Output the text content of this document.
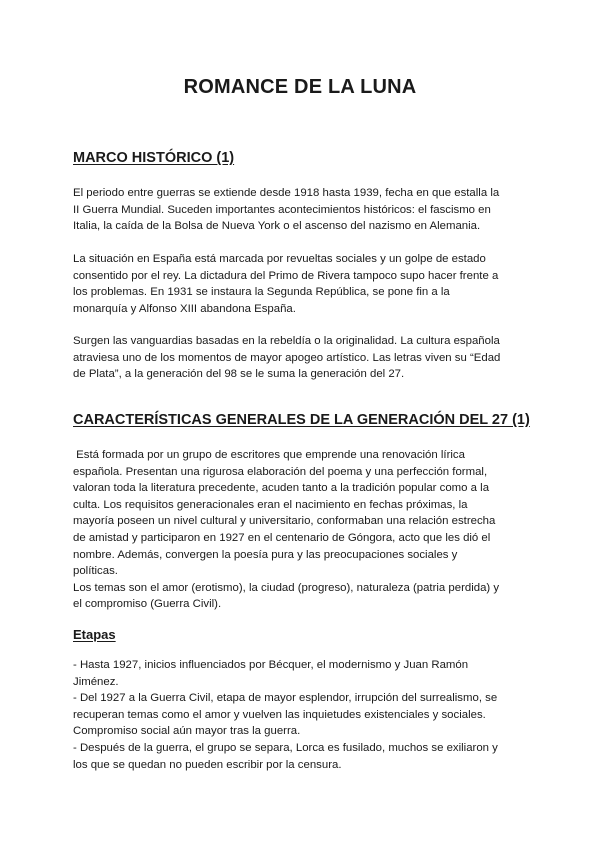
ROMANCE DE LA LUNA
MARCO HISTÓRICO (1)

El periodo entre guerras se extiende desde 1918 hasta 1939, fecha en que estalla la
II Guerra Mundial. Suceden importantes acontecimientos históricos: el fascismo en
Italia, la caída de la Bolsa de Nueva York o el ascenso del nazismo en Alemania.

La situación en España está marcada por revueltas sociales y un golpe de estado
consentido por el rey. La dictadura del Primo de Rivera tampoco supo hacer frente a
los problemas. En 1931 se instaura la Segunda República, se pone fin a la
monarquía y Alfonso XIII abandona España.

Surgen las vanguardias basadas en la rebeldía o la originalidad. La cultura española
atraviesa uno de los momentos de mayor apogeo artístico. Las letras viven su “Edad
de Plata”, a la generación del 98 se le suma la generación del 27.

CARACTERÍSTICAS GENERALES DE LA GENERACIÓN DEL 27 (1)

Está formada por un grupo de escritores que emprende una renovación lírica
española. Presentan una rigurosa elaboración del poema y una perfección formal,
valoran toda la literatura precedente, acuden tanto a la tradición popular como a la
culta. Los requisitos generacionales eran el nacimiento en fechas próximas, la
mayoría poseen un nivel cultural y universitario, conformaban una relación estrecha
de amistad y participaron en 1927 en el centenario de Góngora, acto que les dió el
nombre. Además, convergen la poesía pura y las preocupaciones sociales y
políticas.
Los temas son el amor (erotismo), la ciudad (progreso), naturaleza (patria perdida) y
el compromiso (Guerra Civil).

Etapas

- Hasta 1927, inicios influenciados por Bécquer, el modernismo y Juan Ramón
Jiménez.
- Del 1927 a la Guerra Civil, etapa de mayor esplendor, irrupción del surrealismo, se
recuperan temas como el amor y vuelven las inquietudes existenciales y sociales.
Compromiso social aún mayor tras la guerra.
- Después de la guerra, el grupo se separa, Lorca es fusilado, muchos se exiliaron y
los que se quedan no pueden escribir por la censura.
